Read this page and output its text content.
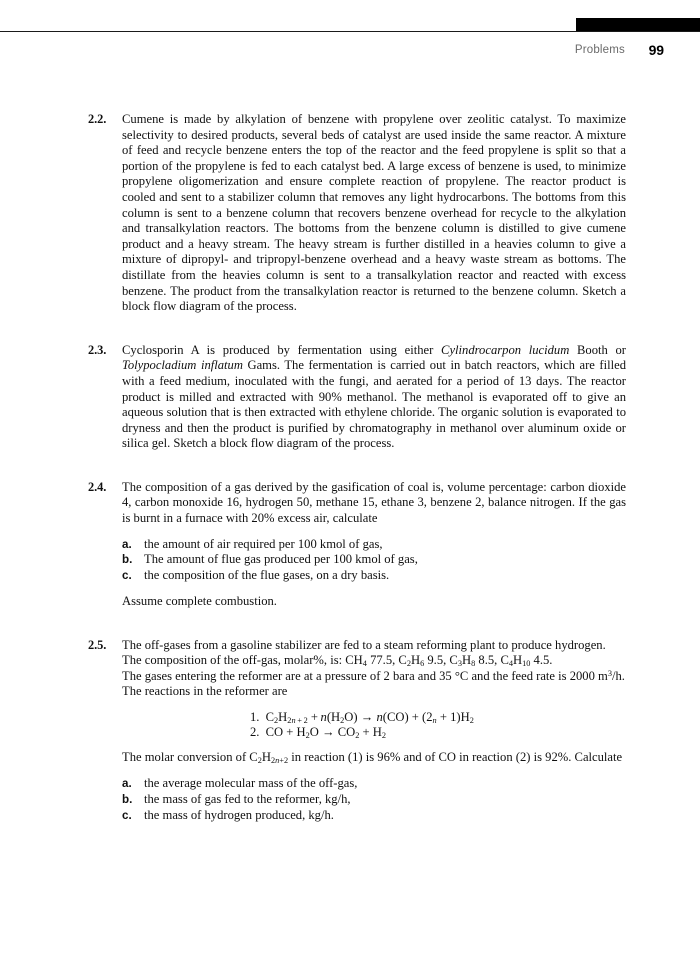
Problems 99
2.2. Cumene is made by alkylation of benzene with propylene over zeolitic catalyst. To maximize selectivity to desired products, several beds of catalyst are used inside the same reactor. A mixture of feed and recycle benzene enters the top of the reactor and the feed propylene is split so that a portion of the propylene is fed to each catalyst bed. A large excess of benzene is used, to minimize propylene oligomerization and ensure complete reaction of propylene. The reactor product is cooled and sent to a stabilizer column that removes any light hydrocarbons. The bottoms from this column is sent to a benzene column that recovers benzene overhead for recycle to the alkylation and transalkylation reactors. The bottoms from the benzene column is distilled to give cumene product and a heavy stream. The heavy stream is further distilled in a heavies column to give a mixture of dipropyl- and tripropyl-benzene overhead and a heavy waste stream as bottoms. The distillate from the heavies column is sent to a transalkylation reactor and reacted with excess benzene. The product from the transalkylation reactor is returned to the benzene column. Sketch a block flow diagram of the process.

2.3. Cyclosporin A is produced by fermentation using either Cylindrocarpon lucidum Booth or Tolypocladium inflatum Gams. The fermentation is carried out in batch reactors, which are filled with a feed medium, inoculated with the fungi, and aerated for a period of 13 days. The reactor product is milled and extracted with 90% methanol. The methanol is evaporated off to give an aqueous solution that is then extracted with ethylene chloride. The organic solution is evaporated to dryness and then the product is purified by chromatography in methanol over aluminum oxide or silica gel. Sketch a block flow diagram of the process.

2.4. The composition of a gas derived by the gasification of coal is, volume percentage: carbon dioxide 4, carbon monoxide 16, hydrogen 50, methane 15, ethane 3, benzene 2, balance nitrogen. If the gas is burnt in a furnace with 20% excess air, calculate

a. the amount of air required per 100 kmol of gas,
b. The amount of flue gas produced per 100 kmol of gas,
c. the composition of the flue gases, on a dry basis.

Assume complete combustion.

2.5. The off-gases from a gasoline stabilizer are fed to a steam reforming plant to produce hydrogen.

The composition of the off-gas, molar%, is: $CH_4$ 77.5, $C_2H_6$ 9.5, $C_3H_8$ 8.5, $C_4H_{10}$ 4.5.

The gases entering the reformer are at a pressure of 2 bara and 35 °C and the feed rate is 2000 $m^3/h$.

The reactions in the reformer are

1. $C_2H_{2n + 2} + n(H_2O) \to n(CO) + (2_n + 1)H_2$
2. CO + $H_2O \to CO_2 + H_2$

The molar conversion of $C_2H_{2n+2}$ in reaction (1) is 96% and of CO in reaction (2) is 92%. Calculate

a. the average molecular mass of the off-gas,
b. the mass of gas fed to the reformer, kg/h,
c. the mass of hydrogen produced, kg/h.
